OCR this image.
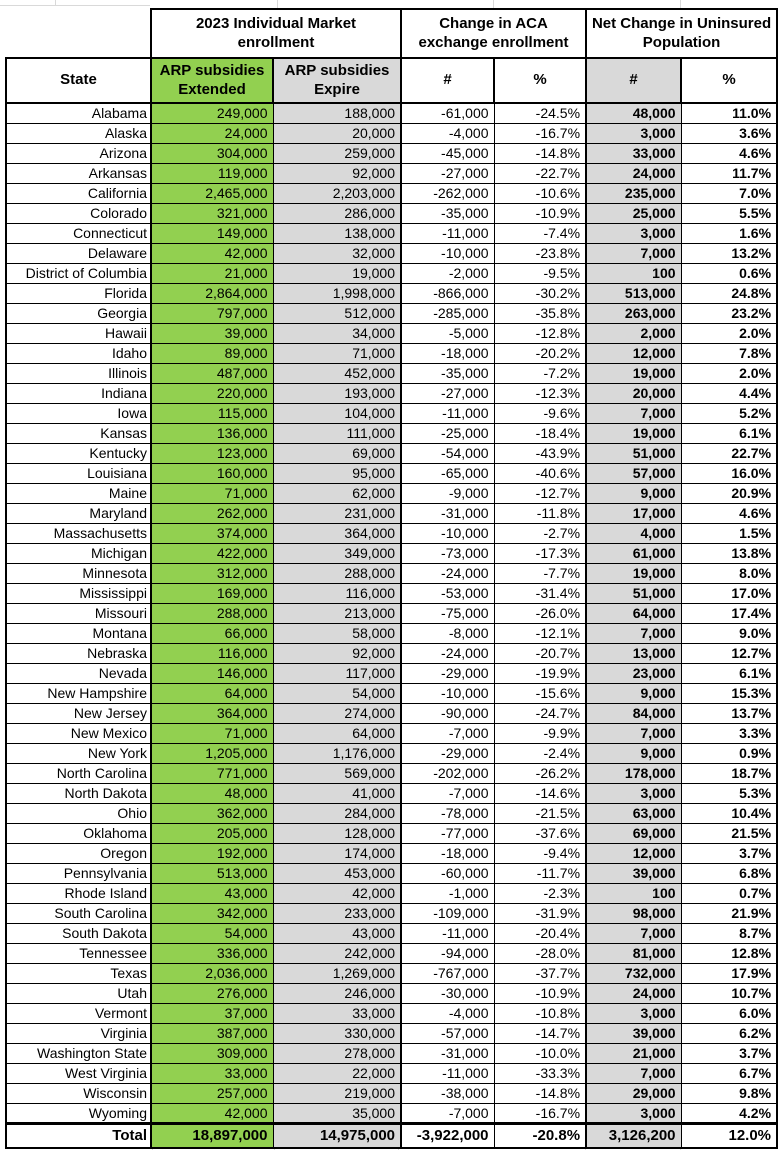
	2023 Individual Market enrollment		Change in ACA exchange enrollment		Net Change in Uninsured Population	
State	ARP subsidies Extended	ARP subsidies Expire	#	%	#	%
Alabama	249,000	188,000	-61,000	-24.5%	48,000	11.0%
Alaska	24,000	20,000	-4,000	-16.7%	3,000	3.6%
Arizona	304,000	259,000	-45,000	-14.8%	33,000	4.6%
Arkansas	119,000	92,000	-27,000	-22.7%	24,000	11.7%
California	2,465,000	2,203,000	-262,000	-10.6%	235,000	7.0%
Colorado	321,000	286,000	-35,000	-10.9%	25,000	5.5%
Connecticut	149,000	138,000	-11,000	-7.4%	3,000	1.6%
Delaware	42,000	32,000	-10,000	-23.8%	7,000	13.2%
District of Columbia	21,000	19,000	-2,000	-9.5%	100	0.6%
Florida	2,864,000	1,998,000	-866,000	-30.2%	513,000	24.8%
Georgia	797,000	512,000	-285,000	-35.8%	263,000	23.2%
Hawaii	39,000	34,000	-5,000	-12.8%	2,000	2.0%
Idaho	89,000	71,000	-18,000	-20.2%	12,000	7.8%
Illinois	487,000	452,000	-35,000	-7.2%	19,000	2.0%
Indiana	220,000	193,000	-27,000	-12.3%	20,000	4.4%
Iowa	115,000	104,000	-11,000	-9.6%	7,000	5.2%
Kansas	136,000	111,000	-25,000	-18.4%	19,000	6.1%
Kentucky	123,000	69,000	-54,000	-43.9%	51,000	22.7%
Louisiana	160,000	95,000	-65,000	-40.6%	57,000	16.0%
Maine	71,000	62,000	-9,000	-12.7%	9,000	20.9%
Maryland	262,000	231,000	-31,000	-11.8%	17,000	4.6%
Massachusetts	374,000	364,000	-10,000	-2.7%	4,000	1.5%
Michigan	422,000	349,000	-73,000	-17.3%	61,000	13.8%
Minnesota	312,000	288,000	-24,000	-7.7%	19,000	8.0%
Mississippi	169,000	116,000	-53,000	-31.4%	51,000	17.0%
Missouri	288,000	213,000	-75,000	-26.0%	64,000	17.4%
Montana	66,000	58,000	-8,000	-12.1%	7,000	9.0%
Nebraska	116,000	92,000	-24,000	-20.7%	13,000	12.7%
Nevada	146,000	117,000	-29,000	-19.9%	23,000	6.1%
New Hampshire	64,000	54,000	-10,000	-15.6%	9,000	15.3%
New Jersey	364,000	274,000	-90,000	-24.7%	84,000	13.7%
New Mexico	71,000	64,000	-7,000	-9.9%	7,000	3.3%
New York	1,205,000	1,176,000	-29,000	-2.4%	9,000	0.9%
North Carolina	771,000	569,000	-202,000	-26.2%	178,000	18.7%
North Dakota	48,000	41,000	-7,000	-14.6%	3,000	5.3%
Ohio	362,000	284,000	-78,000	-21.5%	63,000	10.4%
Oklahoma	205,000	128,000	-77,000	-37.6%	69,000	21.5%
Oregon	192,000	174,000	-18,000	-9.4%	12,000	3.7%
Pennsylvania	513,000	453,000	-60,000	-11.7%	39,000	6.8%
Rhode Island	43,000	42,000	-1,000	-2.3%	100	0.7%
South Carolina	342,000	233,000	-109,000	-31.9%	98,000	21.9%
South Dakota	54,000	43,000	-11,000	-20.4%	7,000	8.7%
Tennessee	336,000	242,000	-94,000	-28.0%	81,000	12.8%
Texas	2,036,000	1,269,000	-767,000	-37.7%	732,000	17.9%
Utah	276,000	246,000	-30,000	-10.9%	24,000	10.7%
Vermont	37,000	33,000	-4,000	-10.8%	3,000	6.0%
Virginia	387,000	330,000	-57,000	-14.7%	39,000	6.2%
Washington State	309,000	278,000	-31,000	-10.0%	21,000	3.7%
West Virginia	33,000	22,000	-11,000	-33.3%	7,000	6.7%
Wisconsin	257,000	219,000	-38,000	-14.8%	29,000	9.8%
Wyoming	42,000	35,000	-7,000	-16.7%	3,000	4.2%
Total	18,897,000	14,975,000	-3,922,000	-20.8%	3,126,200	12.0%
